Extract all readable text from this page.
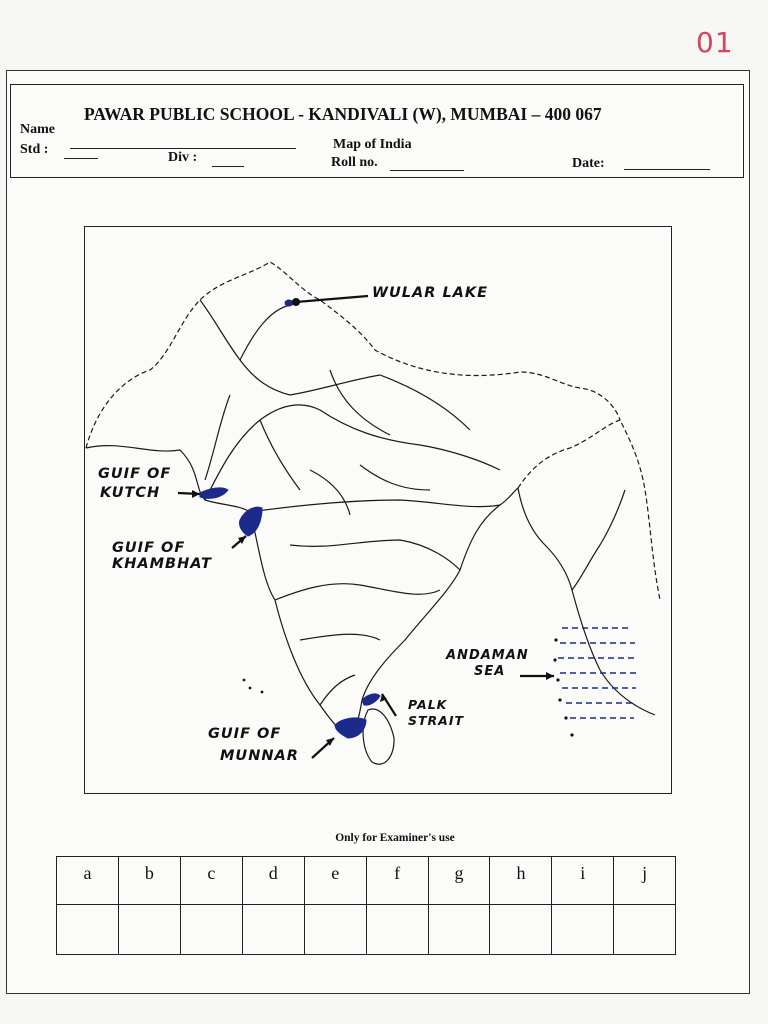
01
PAWAR PUBLIC SCHOOL - KANDIVALI (W), MUMBAI – 400 067
Name
Std :
Div :
Map of India
Roll no.	Date:
WULAR LAKE
GUIF OF
KUTCH
GUIF OF
KHAMBHAT
GUIF OF
MUNNAR
PALK
STRAIT
ANDAMAN
SEA
Only for Examiner's use
a	b	c	d	e	f	g	h	i	j
